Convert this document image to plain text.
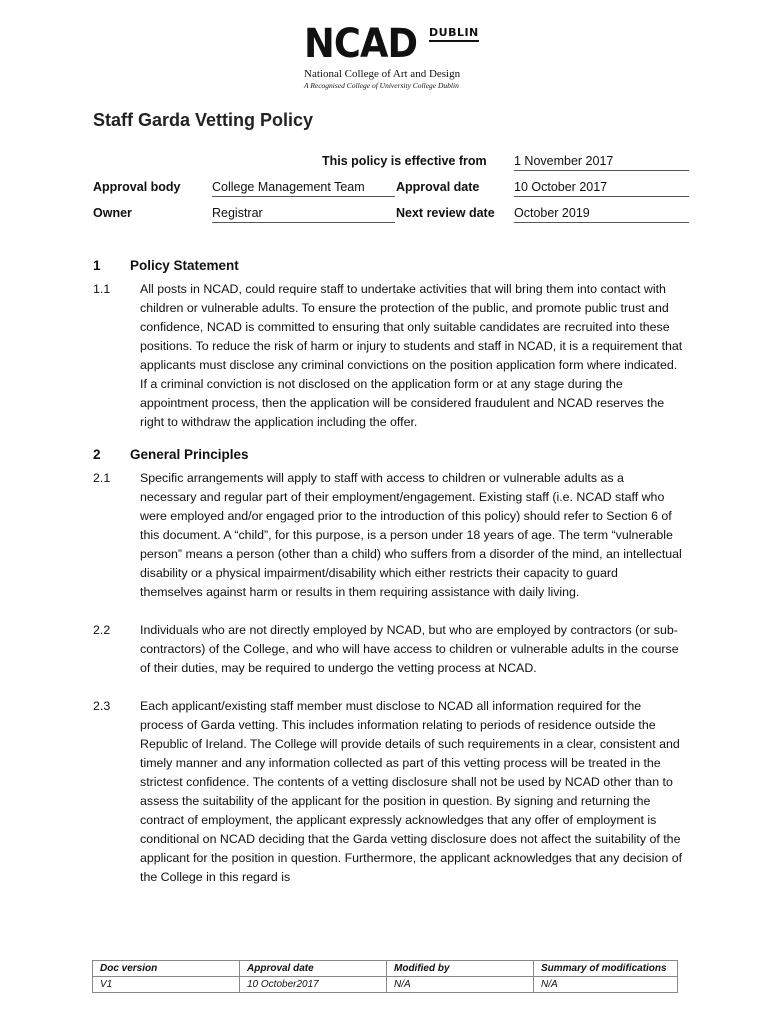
NCAD DUBLIN
National College of Art and Design
A Recognised College of University College Dublin
Staff Garda Vetting Policy
This policy is effective from 1 November 2017
Approval body	College Management Team	Approval date	10 October 2017
Owner	Registrar	Next review date October 2019
1 Policy Statement
1.1 All posts in NCAD, could require staff to undertake activities that will bring them into contact with children or vulnerable adults. To ensure the protection of the public, and promote public trust and confidence, NCAD is committed to ensuring that only suitable candidates are recruited into these positions. To reduce the risk of harm or injury to students and staff in NCAD, it is a requirement that applicants must disclose any criminal convictions on the position application form where indicated. If a criminal conviction is not disclosed on the application form or at any stage during the appointment process, then the application will be considered fraudulent and NCAD reserves the right to withdraw the application including the offer.

2 General Principles
2.1 Specific arrangements will apply to staff with access to children or vulnerable adults as a necessary and regular part of their employment/engagement. Existing staff (i.e. NCAD staff who were employed and/or engaged prior to the introduction of this policy) should refer to Section 6 of this document. A “child”, for this purpose, is a person under 18 years of age. The term “vulnerable person” means a person (other than a child) who suffers from a disorder of the mind, an intellectual disability or a physical impairment/disability which either restricts their capacity to guard themselves against harm or results in them requiring assistance with daily living.

2.2 Individuals who are not directly employed by NCAD, but who are employed by contractors (or sub-contractors) of the College, and who will have access to children or vulnerable adults in the course of their duties, may be required to undergo the vetting process at NCAD.

2.3 Each applicant/existing staff member must disclose to NCAD all information required for the process of Garda vetting. This includes information relating to periods of residence outside the Republic of Ireland. The College will provide details of such requirements in a clear, consistent and timely manner and any information collected as part of this vetting process will be treated in the strictest confidence. The contents of a vetting disclosure shall not be used by NCAD other than to assess the suitability of the applicant for the position in question. By signing and returning the contract of employment, the applicant expressly acknowledges that any offer of employment is conditional on NCAD deciding that the Garda vetting disclosure does not affect the suitability of the applicant for the position in question. Furthermore, the applicant acknowledges that any decision of the College in this regard is

Doc version	Approval date	Modified by	Summary of modifications
V1	10 October2017	N/A	N/A
